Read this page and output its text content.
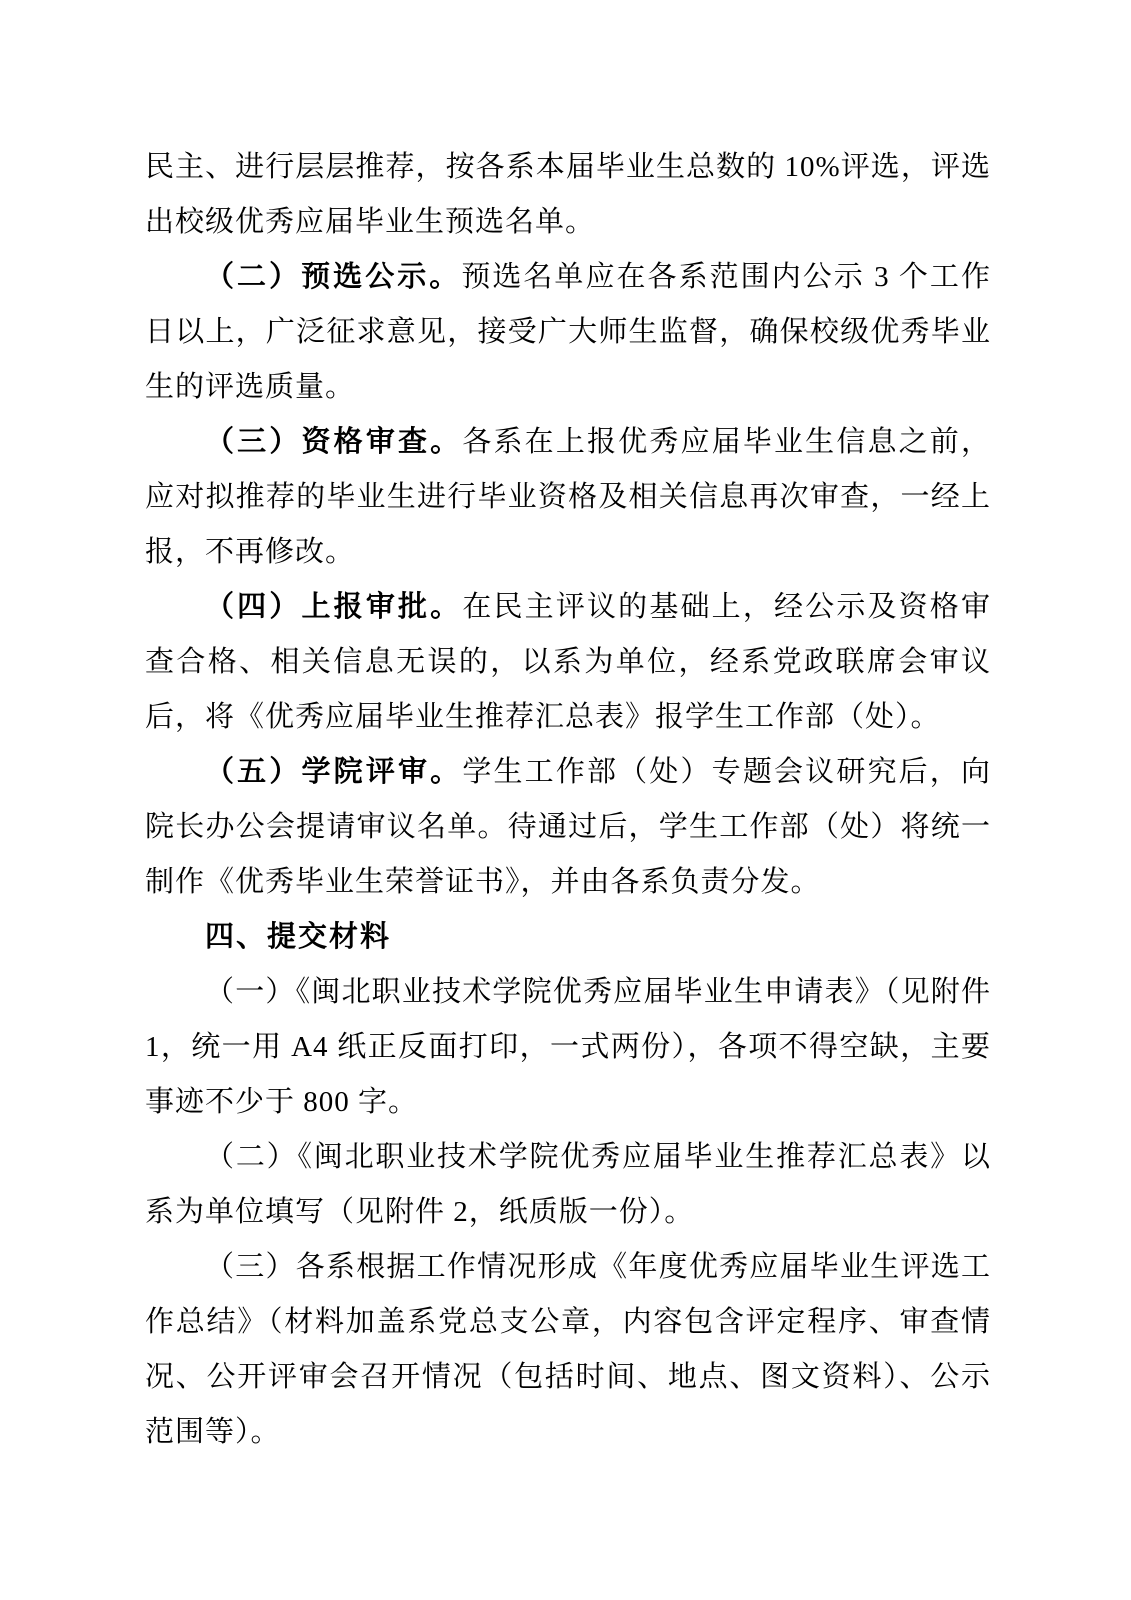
民主、进行层层推荐，按各系本届毕业生总数的 10%评选，评选出校级优秀应届毕业生预选名单。

（二）预选公示。预选名单应在各系范围内公示 3 个工作日以上，广泛征求意见，接受广大师生监督，确保校级优秀毕业生的评选质量。

（三）资格审查。各系在上报优秀应届毕业生信息之前，应对拟推荐的毕业生进行毕业资格及相关信息再次审查，一经上报，不再修改。

（四）上报审批。在民主评议的基础上，经公示及资格审查合格、相关信息无误的，以系为单位，经系党政联席会审议后，将《优秀应届毕业生推荐汇总表》报学生工作部（处）。

（五）学院评审。学生工作部（处）专题会议研究后，向院长办公会提请审议名单。待通过后，学生工作部（处）将统一制作《优秀毕业生荣誉证书》，并由各系负责分发。

四、提交材料

（一）《闽北职业技术学院优秀应届毕业生申请表》（见附件 1，统一用 A4 纸正反面打印，一式两份），各项不得空缺，主要事迹不少于 800 字。

（二）《闽北职业技术学院优秀应届毕业生推荐汇总表》以系为单位填写（见附件 2，纸质版一份）。

（三）各系根据工作情况形成《年度优秀应届毕业生评选工作总结》（材料加盖系党总支公章，内容包含评定程序、审查情况、公开评审会召开情况（包括时间、地点、图文资料）、公示范围等）。
